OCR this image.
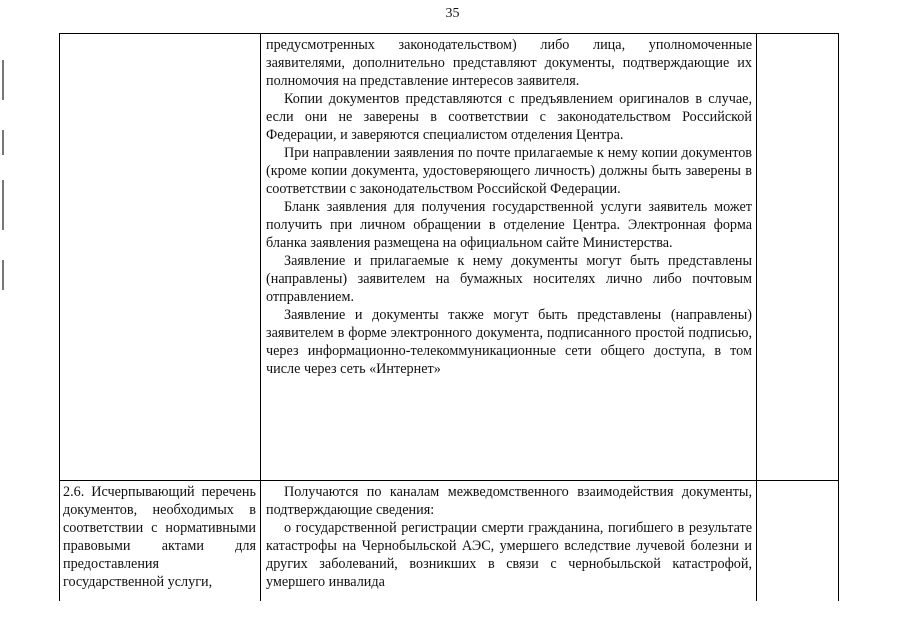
35

предусмотренных законодательством) либо лица, уполномоченные заявителями, дополнительно представляют документы, подтверждающие их полномочия на представление интересов заявителя.

Копии документов представляются с предъявлением оригиналов в случае, если они не заверены в соответствии с законодательством Российской Федерации, и заверяются специалистом отделения Центра.

При направлении заявления по почте прилагаемые к нему копии документов (кроме копии документа, удостоверяющего личность) должны быть заверены в соответствии с законодательством Российской Федерации.

Бланк заявления для получения государственной услуги заявитель может получить при личном обращении в отделение Центра. Электронная форма бланка заявления размещена на официальном сайте Министерства.

Заявление и прилагаемые к нему документы могут быть представлены (направлены) заявителем на бумажных носителях лично либо почтовым отправлением.

Заявление и документы также могут быть представлены (направлены) заявителем в форме электронного документа, подписанного простой подписью, через информационно-телекоммуникационные сети общего доступа, в том числе через сеть «Интернет»

2.6. Исчерпывающий перечень документов, необходимых в соответствии с нормативными правовыми актами для предоставления государственной услуги,

Получаются по каналам межведомственного взаимодействия документы, подтверждающие сведения:

о государственной регистрации смерти гражданина, погибшего в результате катастрофы на Чернобыльской АЭС, умершего вследствие лучевой болезни и других заболеваний, возникших в связи с чернобыльской катастрофой, умершего инвалида
